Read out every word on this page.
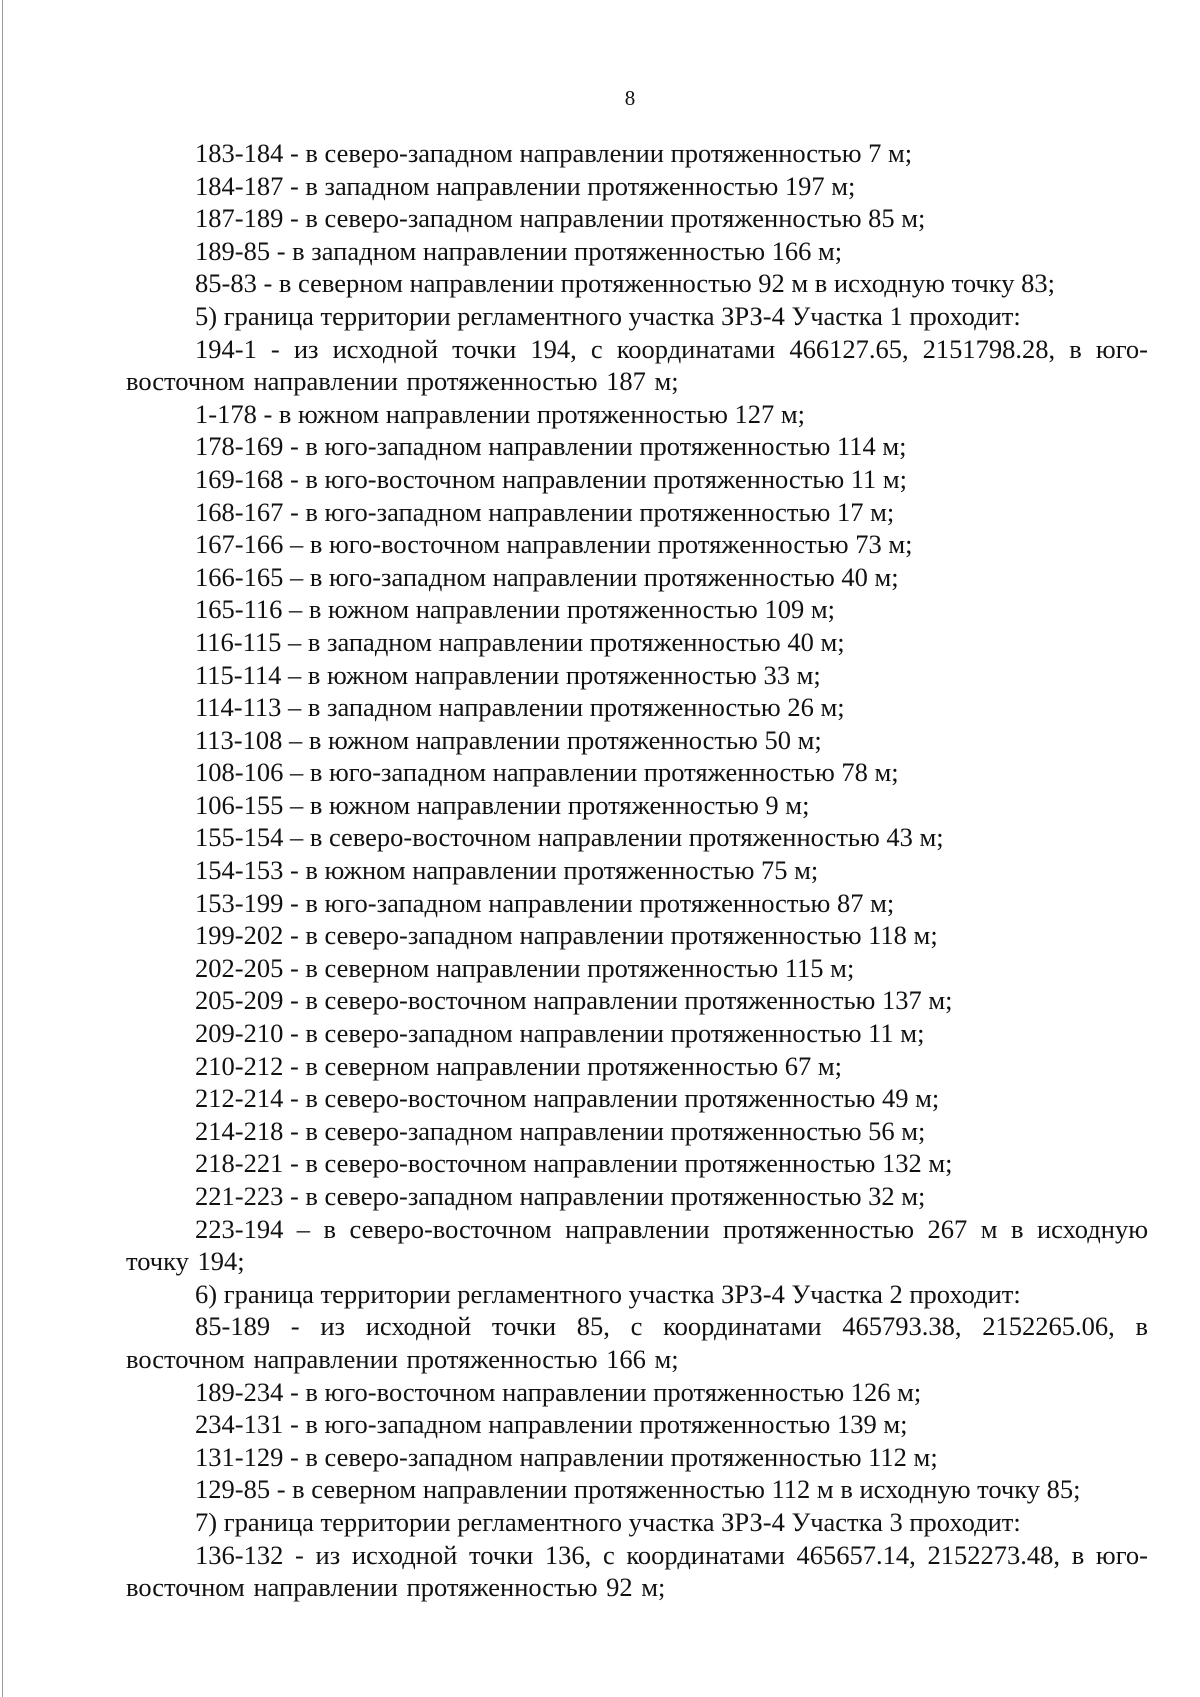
8
183-184 - в северо-западном направлении протяженностью 7 м;
184-187 - в западном направлении протяженностью 197 м;
187-189 - в северо-западном направлении протяженностью 85 м;
189-85 - в западном направлении протяженностью 166 м;
85-83 - в северном направлении протяженностью 92 м в исходную точку 83;
5) граница территории регламентного участка ЗРЗ-4 Участка 1 проходит:
194-1 - из исходной точки 194, с координатами 466127.65, 2151798.28, в юго-восточном направлении протяженностью 187 м;
1-178 - в южном направлении протяженностью 127 м;
178-169 - в юго-западном направлении протяженностью 114 м;
169-168 - в юго-восточном направлении протяженностью 11 м;
168-167 - в юго-западном направлении протяженностью 17 м;
167-166 – в юго-восточном направлении протяженностью 73 м;
166-165 – в юго-западном направлении протяженностью 40 м;
165-116 – в южном направлении протяженностью 109 м;
116-115 – в западном направлении протяженностью 40 м;
115-114 – в южном направлении протяженностью 33 м;
114-113 – в западном направлении протяженностью 26 м;
113-108 – в южном направлении протяженностью 50 м;
108-106 – в юго-западном направлении протяженностью 78 м;
106-155 – в южном направлении протяженностью 9 м;
155-154 – в северо-восточном направлении протяженностью 43 м;
154-153 - в южном направлении протяженностью 75 м;
153-199 - в юго-западном направлении протяженностью 87 м;
199-202 - в северо-западном направлении протяженностью 118 м;
202-205 - в северном направлении протяженностью 115 м;
205-209 - в северо-восточном направлении протяженностью 137 м;
209-210 - в северо-западном направлении протяженностью 11 м;
210-212 - в северном направлении протяженностью 67 м;
212-214 - в северо-восточном направлении протяженностью 49 м;
214-218 - в северо-западном направлении протяженностью 56 м;
218-221 - в северо-восточном направлении протяженностью 132 м;
221-223 - в северо-западном направлении протяженностью 32 м;
223-194 – в северо-восточном направлении протяженностью 267 м в исходную точку 194;
6) граница территории регламентного участка ЗРЗ-4 Участка 2 проходит:
85-189 - из исходной точки 85, с координатами 465793.38, 2152265.06, в восточном направлении протяженностью 166 м;
189-234 - в юго-восточном направлении протяженностью 126 м;
234-131 - в юго-западном направлении протяженностью 139 м;
131-129 - в северо-западном направлении протяженностью 112 м;
129-85 - в северном направлении протяженностью 112 м в исходную точку 85;
7) граница территории регламентного участка ЗРЗ-4 Участка 3 проходит:
136-132 - из исходной точки 136, с координатами 465657.14, 2152273.48, в юго- восточном направлении протяженностью 92 м;
